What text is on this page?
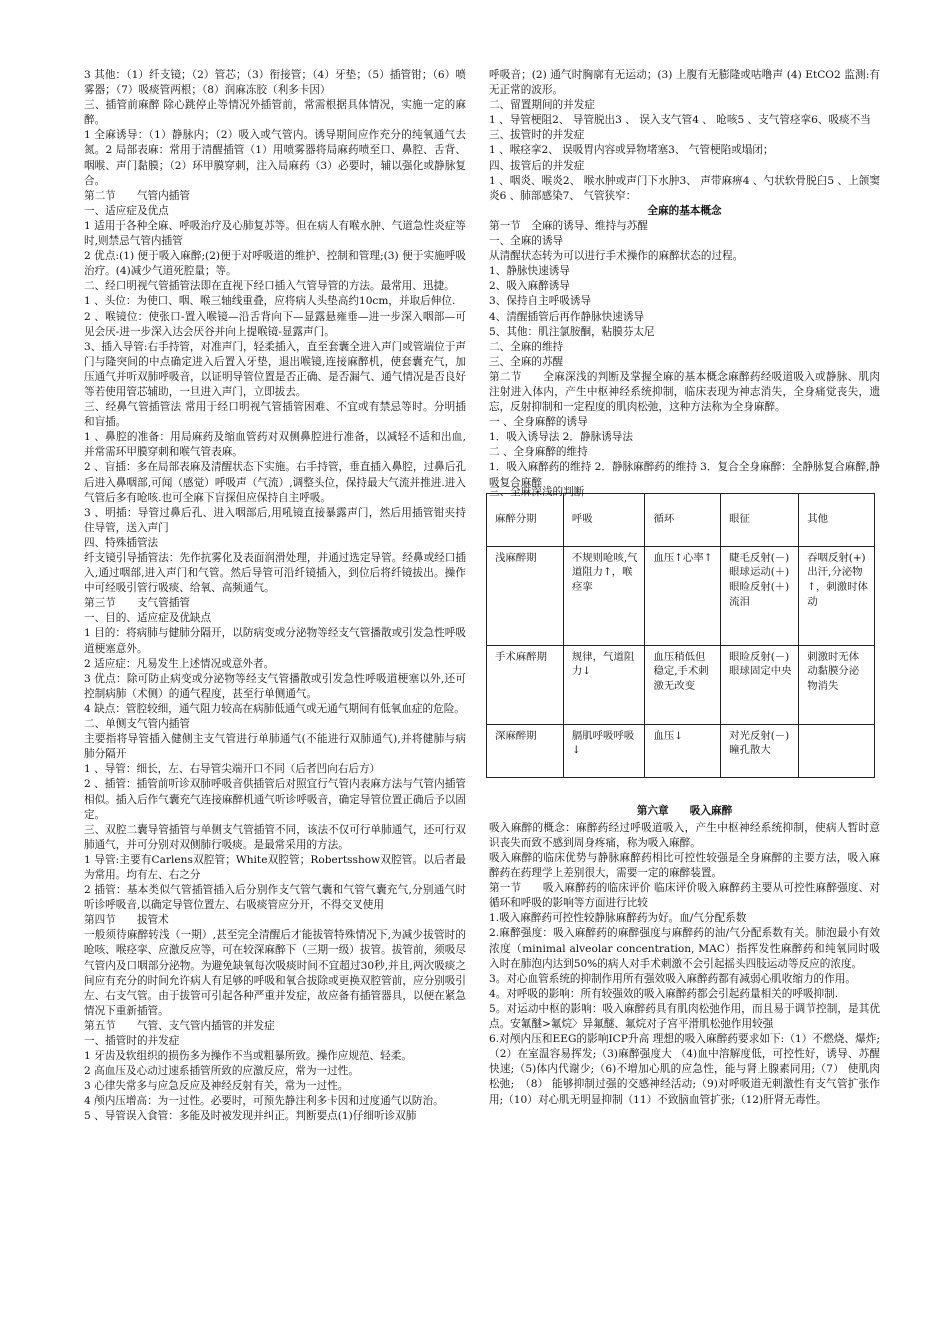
3 其他：（1）纤支镜；（2）管芯；（3）衔接管；（4）牙垫；（5）插管钳；（6）喷雾器；（7）吸痰管两根；（8）润麻冻胶（利多卡因）

三、插管前麻醉 除心跳停止等情况外插管前，常需根据具体情况，实施一定的麻醉。

1 全麻诱导：（1）静脉内；（2）吸入或气管内。诱导期间应作充分的纯氧通气去氮。2 局部表麻：常用于清醒插管（1）用喷雾器将局麻药喷至口、鼻腔、舌背、咽喉、声门黏膜；（2）环甲膜穿刺，注入局麻药（3）必要时，辅以强化或静脉复合。

第二节　　气管内插管

一、适应症及优点

1 适用于各种全麻、呼吸治疗及心肺复苏等。但在病人有喉水肿、气道急性炎症等时,则禁忌气管内插管

2 优点:(1) 便于吸入麻醉;(2)便于对呼吸道的维护、控制和管理;(3) 便于实施呼吸治疗。(4)减少气道死腔量；等。

二、经口明视气管插管法即在直视下经口插入气管导管的方法。最常用、迅捷。

1 、头位：为使口、咽、喉三轴线重叠，应将病人头垫高约10cm，并取后伸位.

2 、喉镜位：使张口-置入喉镜—沿舌背向下—显露悬雍垂—进一步深入咽部—可见会厌-进一步深入达会厌谷并向上提喉镜-显露声门。

3、插入导管:右手持管，对准声门，轻柔插入，直至套囊全进入声门或管端位于声门与隆突间的中点确定进入后置入牙垫，退出喉镜,连接麻醉机，使套囊充气，加压通气并听双肺呼吸音，以证明导管位置是否正确、是否漏气、通气情况是否良好等若使用管芯辅助，一旦进入声门，立即拔去。

三、经鼻气管插管法 常用于经口明视气管插管困难、不宜或有禁忌等时。分明插和盲插。

1 、鼻腔的准备：用局麻药及缩血管药对双侧鼻腔进行准备，以减轻不适和出血,并常需环甲膜穿刺和喉气管表麻。

2 、盲插：多在局部表麻及清醒状态下实施。右手持管，垂直插入鼻腔，过鼻后孔后进入鼻咽部,可闻（感觉）呼吸声（气流）,调整头位，保持最大气流并推进.进入气管后多有呛咳.也可全麻下盲探但应保持自主呼吸。

3 、明插：导管过鼻后孔、进入咽部后,用吼镜直接暴露声门，然后用插管钳夹持住导管，送入声门

四、特殊插管法

纤支镜引导插管法：先作抗雾化及表面润滑处理，并通过选定导管。经鼻或经口插入,通过咽部,进入声门和气管。然后导管可沿纤镜插入，到位后将纤镜拔出。操作中可经吸引管行吸痰、给氧、高频通气。

第三节　　支气管插管

一、目的、适应症及优缺点

1 目的：将病肺与健肺分隔开，以防病变或分泌物等经支气管播散或引发急性呼吸道梗塞意外。

2 适应症：凡易发生上述情况或意外者。

3 优点：除可防止病变或分泌物等经支气管播散或引发急性呼吸道梗塞以外,还可控制病肺（术侧）的通气程度，甚至行单侧通气。

4 缺点：管腔较细，通气阻力较高在病肺低通气或无通气期间有低氧血症的危险。

二、单侧支气管内插管

主要指将导管插入健侧主支气管进行单肺通气(不能进行双肺通气),并将健肺与病肺分隔开

1 、导管：细长，左、右导管尖端开口不同（后者凹向右后方）

2 、插管：插管前听诊双肺呼吸音供插管后对照宜行气管内表麻方法与气管内插管相似。插入后作气囊充气连接麻醉机通气听诊呼吸音，确定导管位置正确后予以固定。

三、双腔二囊导管插管与单侧支气管插管不同，该法不仅可行单肺通气，还可行双肺通气，并可分别对双侧肺行吸痰。是最常采用的方法。

1 导管:主要有Carlens双腔管；White双腔管；Robertsshow双腔管。以后者最为常用。均有左、右之分

2 插管：基本类似气管插管插入后分别作支气管气囊和气管气囊充气,分别通气时听诊呼吸音,以确定导管位置左、右吸痰管应分开，不得交叉使用

第四节　　拔管术

一般须待麻醉转浅（一期）,甚至完全清醒后才能拔管特殊情况下,为减少拔管时的呛咳、喉痉挛、应激反应等，可在较深麻醉下（三期一级）拔管。拔管前，须吸尽气管内及口咽部分泌物。为避免缺氧每次吸痰时间不宜超过30秒,并且,两次吸痰之间应有充分的时间允许病人有足够的呼吸和氧合拔除或更换双腔管前，应分别吸引左、右支气管。由于拔管可引起各种严重并发症，故应备有插管器具，以便在紧急情况下重新插管。

第五节　　气管、支气管内插管的并发症

一、插管时的并发症

1 牙齿及软组织的损伤多为操作不当或粗暴所致。操作应规范、轻柔。

2 高血压及心动过速系插管所致的应激反应，常为一过性。

3 心律失常多与应急反应及神经反射有关，常为一过性。

4 颅内压增高：为一过性。必要时，可预先静注利多卡因和过度通气以防治。

5 、导管误入食管：多能及时被发现并纠正。判断要点(1)仔细听诊双肺

呼吸音；(2) 通气时胸廓有无运动；(3) 上腹有无膨隆或咕噜声 (4) EtCO2 监测:有无正常的波形。

二、留置期间的并发症

1 、导管梗阻2、 导管脱出3 、 误入支气管4 、 呛咳5 、支气管痉挛6、吸痰不当

三、拔管时的并发症

1 、喉痉挛2、 误吸胃内容或异物堵塞3、 气管梗陷或塌闭；

四、拔管后的并发症

1 、咽炎、喉炎2、 喉水肿或声门下水肿3、 声带麻痹4 、勺状软骨脱臼5 、上颌窦炎6 、肺部感染7、 气管狭窄：

全麻的基本概念

第一节　全麻的诱导、维持与苏醒

一、全麻的诱导

从清醒状态转为可以进行手术操作的麻醉状态的过程。

1、静脉快速诱导

2、吸入麻醉诱导

3、保持自主呼吸诱导

4、清醒插管后再作静脉快速诱导

5、其他：肌注氯胺酮，粘膜芬太尼

二、全麻的维持

三、全麻的苏醒

第二节　　全麻深浅的判断及掌握全麻的基本概念麻醉药经吸道吸入或静脉、肌肉注射进入体内，产生中枢神经系统抑制，临床表现为神志消失，全身痛觉丧失，遗忘，反射抑制和一定程度的肌肉松弛，这种方法称为全身麻醉。

一 、全身麻醉的诱导

1．吸入诱导法 2．静脉诱导法

二 、全身麻醉的维持

1．吸入麻醉药的维持 2．静脉麻醉药的维持 3．复合全身麻醉：全静脉复合麻醉,静吸复合麻醉

三、全麻深浅的判断

麻醉分期	呼吸	循环	眼征	其他
浅麻醉期	不规则呛咳,气道阻力↑，喉痉挛	血压↑心率↑	睫毛反射(－)眼球运动(＋)眼睑反射(＋)流泪	吞咽反射(+)出汗,分泌物↑，刺激时体动
手术麻醉期	规律，气道阻力↓	血压稍低但稳定,手术刺激无改变	眼睑反射(－)眼球固定中央	刺激时无体动黏膜分泌物消失
深麻醉期	膈肌呼吸呼吸↓	血压↓	对光反射(－)瞳孔散大	

第六章　　吸入麻醉

吸入麻醉的概念：麻醉药经过呼吸道吸入，产生中枢神经系统抑制，使病人暂时意识丧失而致不感到周身疼痛，称为吸入麻醉。

吸入麻醉的临床优势与静脉麻醉药相比可控性较强是全身麻醉的主要方法，吸入麻醉药在药理学上差别很大，需要一定的麻醉装置。

第一节　　吸入麻醉药的临床评价 临床评价吸入麻醉药主要从可控性麻醉强度、对循环和呼吸的影响等方面进行比较

1.吸入麻醉药可控性较静脉麻醉药为好。血/气分配系数

2.麻醉强度：吸入麻醉药的麻醉强度与麻醉药的油/气分配系数有关。肺泡最小有效浓度（minimal alveolar concentration, MAC）指挥发性麻醉药和纯氧同时吸入时在肺泡内达到50%的病人对手术刺激不会引起摇头四肢运动等反应的浓度。

3。对心血管系统的抑制作用所有强效吸入麻醉药都有减弱心肌收缩力的作用。

4。对呼吸的影响：所有较强效的吸入麻醉药都会引起药量相关的呼吸抑制.

5。对运动中枢的影响：吸入麻醉药具有肌肉松弛作用，而且易于调节控制，是其优点。安氟醚>氟烷〉异氟醚、氟烷对子宫平滑肌松弛作用较强

6.对颅内压和EEG的影响ICP升高 理想的吸入麻醉药要求如下:（1）不燃烧、爆炸;（2）在室温容易挥发;（3)麻醉强度大 （4)血中溶解度低，可控性好，诱导、苏醒快速;（5)体内代谢少;（6)不增加心肌的应急性，能与肾上腺素同用;（7） 使肌肉松弛;　（8） 能够抑制过强的交感神经活动;（9)对呼吸道无刺激性有支气管扩张作用;（10）对心肌无明显抑制（11）不致脑血管扩张;（12)肝肾无毒性。
